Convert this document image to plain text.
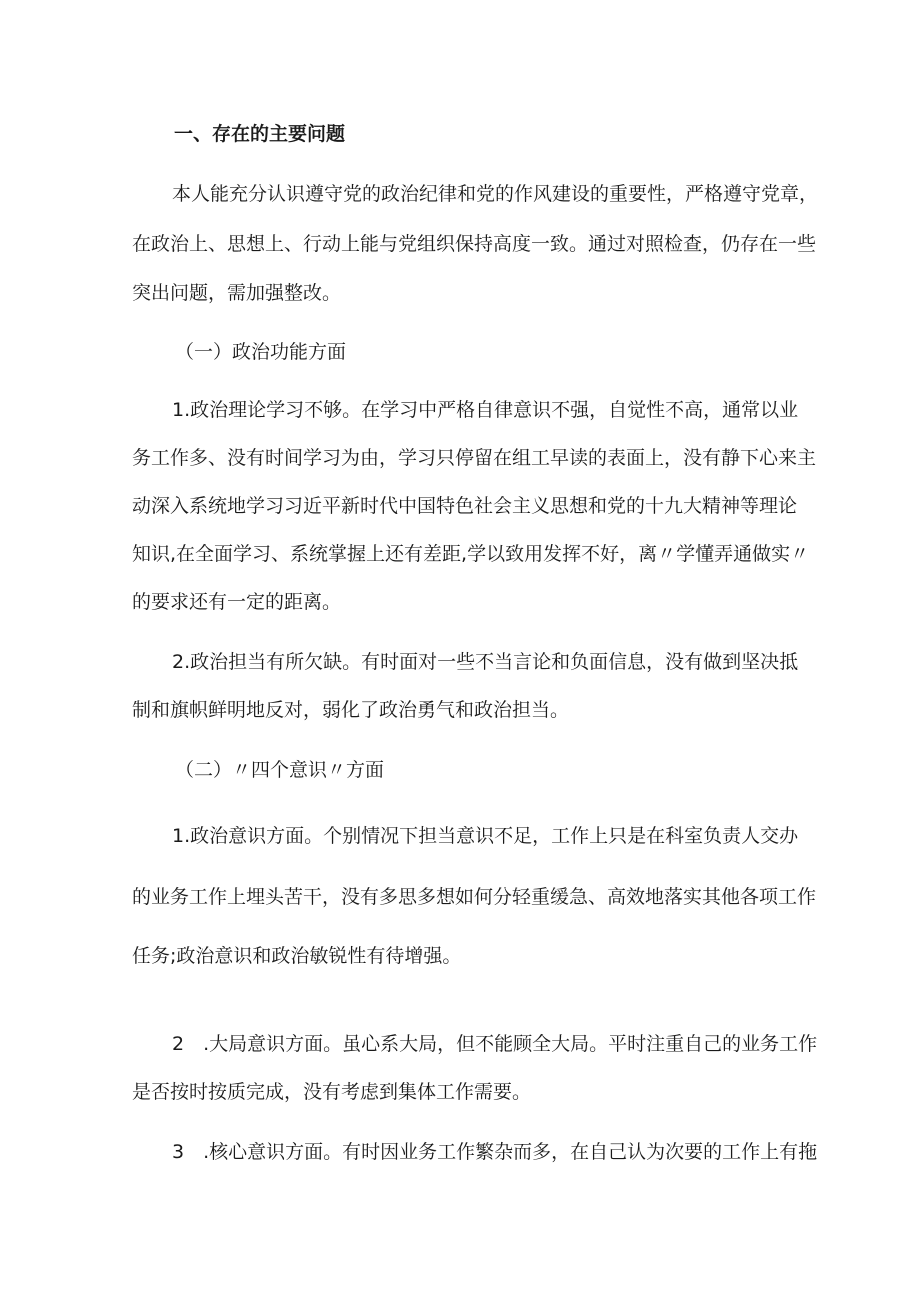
一、存在的主要问题
本人能充分认识遵守党的政治纪律和党的作风建设的重要性，严格遵守党章，
在政治上、思想上、行动上能与党组织保持高度一致。通过对照检查，仍存在一些
突出问题，需加强整改。
（一）政治功能方面
1.政治理论学习不够。在学习中严格自律意识不强，自觉性不高，通常以业
务工作多、没有时间学习为由，学习只停留在组工早读的表面上，没有静下心来主
动深入系统地学习习近平新时代中国特色社会主义思想和党的十九大精神等理论
知识,在全面学习、系统掌握上还有差距,学以致用发挥不好，离〃学懂弄通做实〃
的要求还有一定的距离。
2.政治担当有所欠缺。有时面对一些不当言论和负面信息，没有做到坚决抵
制和旗帜鲜明地反对，弱化了政治勇气和政治担当。
（二）〃四个意识〃方面
1.政治意识方面。个别情况下担当意识不足，工作上只是在科室负责人交办
的业务工作上埋头苦干，没有多思多想如何分轻重缓急、高效地落实其他各项工作
任务;政治意识和政治敏锐性有待增强。
2　.大局意识方面。虽心系大局，但不能顾全大局。平时注重自己的业务工作
是否按时按质完成，没有考虑到集体工作需要。
3　.核心意识方面。有时因业务工作繁杂而多，在自己认为次要的工作上有拖
